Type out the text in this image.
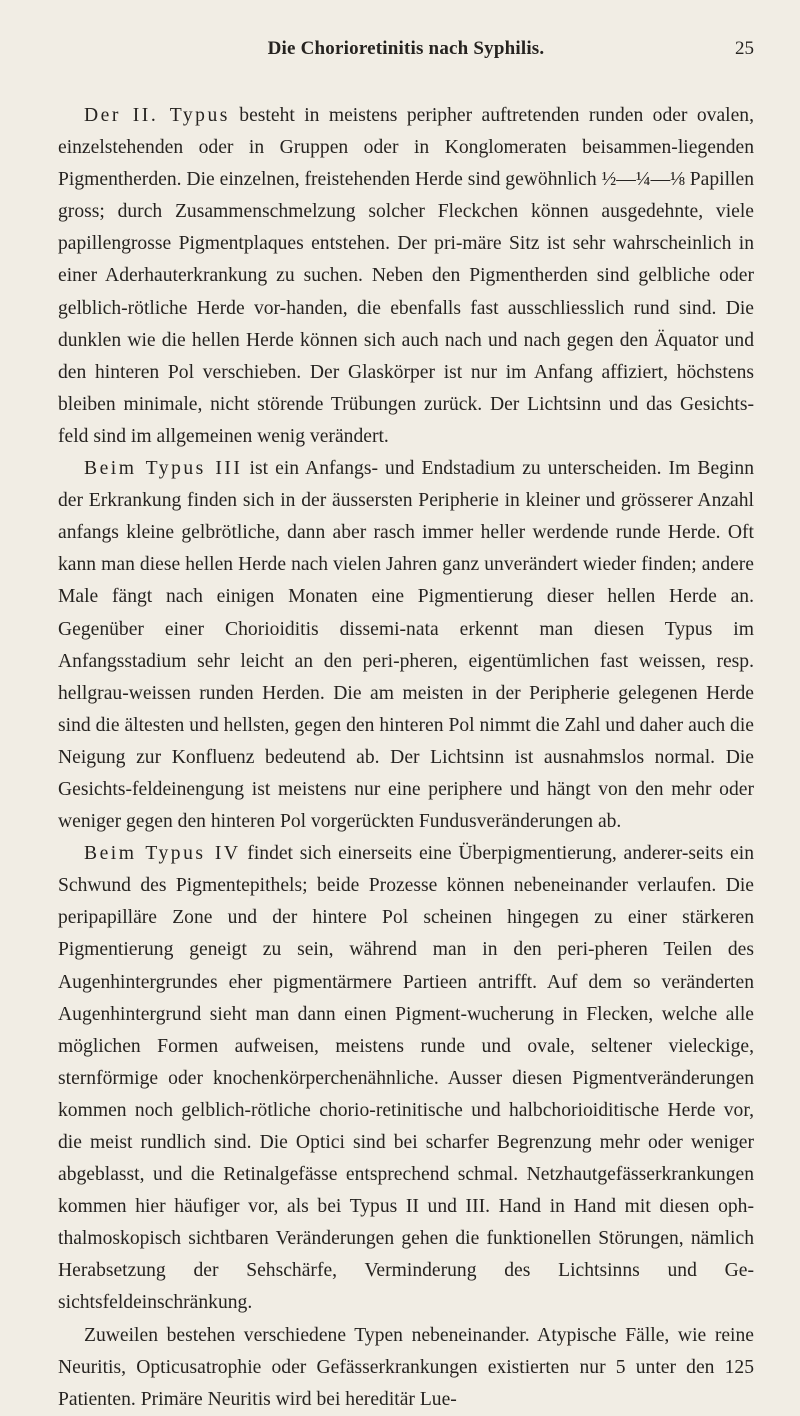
Die Chorioretinitis nach Syphilis.	25

Der II. Typus besteht in meistens peripher auftretenden runden oder ovalen, einzelstehenden oder in Gruppen oder in Konglomeraten beisammen-liegenden Pigmentherden. Die einzelnen, freistehenden Herde sind gewöhnlich ½—¼—⅛ Papillen gross; durch Zusammenschmelzung solcher Fleckchen können ausgedehnte, viele papillengrosse Pigmentplaques entstehen. Der pri-märe Sitz ist sehr wahrscheinlich in einer Aderhauterkrankung zu suchen. Neben den Pigmentherden sind gelbliche oder gelblich-rötliche Herde vor-handen, die ebenfalls fast ausschliesslich rund sind. Die dunklen wie die hellen Herde können sich auch nach und nach gegen den Äquator und den hinteren Pol verschieben. Der Glaskörper ist nur im Anfang affiziert, höchstens bleiben minimale, nicht störende Trübungen zurück. Der Lichtsinn und das Gesichts-feld sind im allgemeinen wenig verändert.

Beim Typus III ist ein Anfangs- und Endstadium zu unterscheiden. Im Beginn der Erkrankung finden sich in der äussersten Peripherie in kleiner und grösserer Anzahl anfangs kleine gelbrötliche, dann aber rasch immer heller werdende runde Herde. Oft kann man diese hellen Herde nach vielen Jahren ganz unverändert wieder finden; andere Male fängt nach einigen Monaten eine Pigmentierung dieser hellen Herde an. Gegenüber einer Chorioiditis dissemi-nata erkennt man diesen Typus im Anfangsstadium sehr leicht an den peri-pheren, eigentümlichen fast weissen, resp. hellgrau-weissen runden Herden. Die am meisten in der Peripherie gelegenen Herde sind die ältesten und hellsten, gegen den hinteren Pol nimmt die Zahl und daher auch die Neigung zur Konfluenz bedeutend ab. Der Lichtsinn ist ausnahmslos normal. Die Gesichts-feldeinengung ist meistens nur eine periphere und hängt von den mehr oder weniger gegen den hinteren Pol vorgerückten Fundusveränderungen ab.

Beim Typus IV findet sich einerseits eine Überpigmentierung, anderer-seits ein Schwund des Pigmentepithels; beide Prozesse können nebeneinander verlaufen. Die peripapilläre Zone und der hintere Pol scheinen hingegen zu einer stärkeren Pigmentierung geneigt zu sein, während man in den peri-pheren Teilen des Augenhintergrundes eher pigmentärmere Partieen antrifft. Auf dem so veränderten Augenhintergrund sieht man dann einen Pigment-wucherung in Flecken, welche alle möglichen Formen aufweisen, meistens runde und ovale, seltener vieleckige, sternförmige oder knochenkörperchenähnliche. Ausser diesen Pigmentveränderungen kommen noch gelblich-rötliche chorio-retinitische und halbchorioiditische Herde vor, die meist rundlich sind. Die Optici sind bei scharfer Begrenzung mehr oder weniger abgeblasst, und die Retinalgefässe entsprechend schmal. Netzhautgefässerkrankungen kommen hier häufiger vor, als bei Typus II und III. Hand in Hand mit diesen oph-thalmoskopisch sichtbaren Veränderungen gehen die funktionellen Störungen, nämlich Herabsetzung der Sehschärfe, Verminderung des Lichtsinns und Ge-sichtsfeldeinschränkung.

Zuweilen bestehen verschiedene Typen nebeneinander. Atypische Fälle, wie reine Neuritis, Opticusatrophie oder Gefässerkrankungen existierten nur 5 unter den 125 Patienten. Primäre Neuritis wird bei hereditär Lue-
